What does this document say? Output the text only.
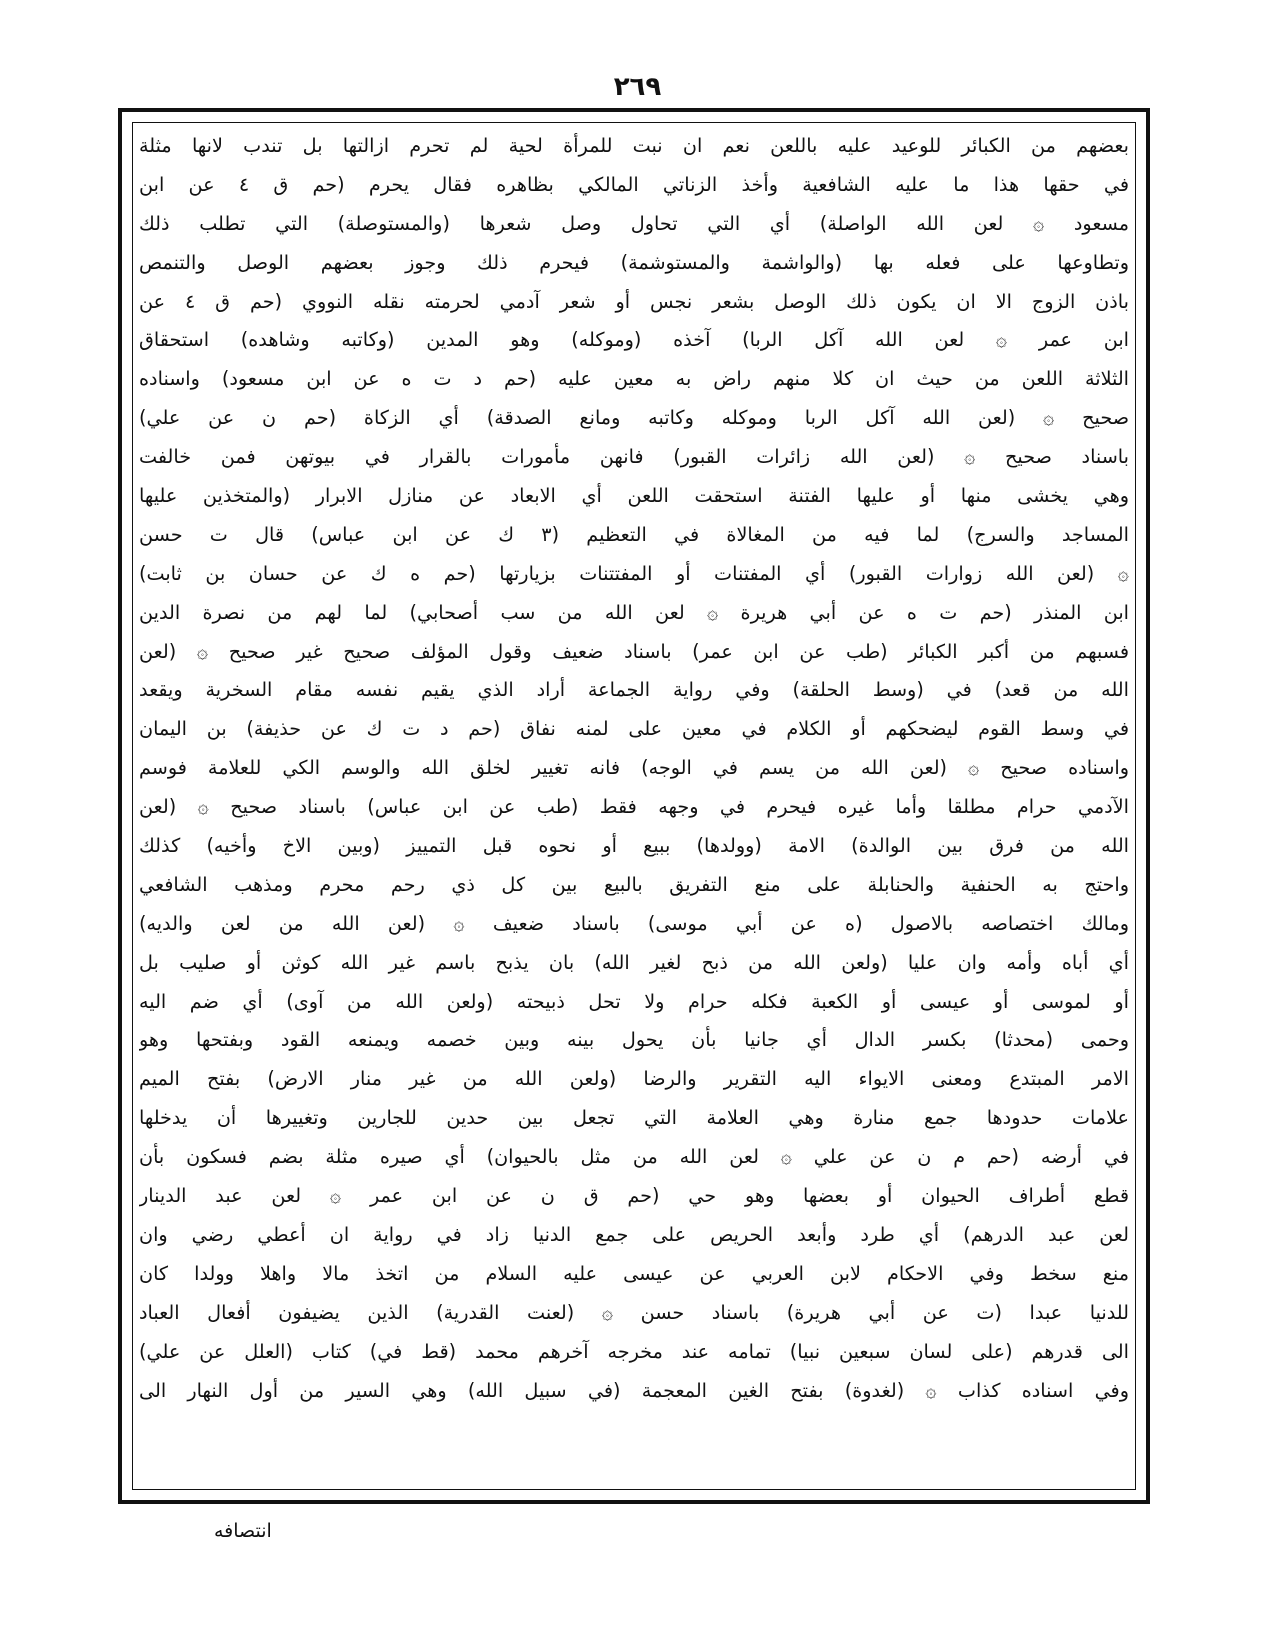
٢٦٩
بعضهم من الكبائر للوعيد عليه باللعن نعم ان نبت للمرأة لحية لم تحرم ازالتها بل تندب لانها مثلة
في حقها هذا ما عليه الشافعية وأخذ الزناتي المالكي بظاهره فقال يحرم (حم ق ٤ عن ابن
مسعود ۞ لعن الله الواصلة) أي التي تحاول وصل شعرها (والمستوصلة) التي تطلب ذلك
وتطاوعها على فعله بها (والواشمة والمستوشمة) فيحرم ذلك وجوز بعضهم الوصل والتنمص
باذن الزوج الا ان يكون ذلك الوصل بشعر نجس أو شعر آدمي لحرمته نقله النووي (حم ق ٤ عن
ابن عمر ۞ لعن الله آكل الربا) آخذه (وموكله) وهو المدين (وكاتبه وشاهده) استحقاق
الثلاثة اللعن من حيث ان كلا منهم راض به معين عليه (حم د ت ه عن ابن مسعود) واسناده
صحيح ۞ (لعن الله آكل الربا وموكله وكاتبه ومانع الصدقة) أي الزكاة (حم ن عن علي)
باسناد صحيح ۞ (لعن الله زائرات القبور) فانهن مأمورات بالقرار في بيوتهن فمن خالفت
وهي يخشى منها أو عليها الفتنة استحقت اللعن أي الابعاد عن منازل الابرار (والمتخذين عليها
المساجد والسرج) لما فيه من المغالاة في التعظيم (٣ ك عن ابن عباس) قال ت حسن
۞ (لعن الله زوارات القبور) أي المفتنات أو المفتتنات بزيارتها (حم ه ك عن حسان بن ثابت)
ابن المنذر (حم ت ه عن أبي هريرة ۞ لعن الله من سب أصحابي) لما لهم من نصرة الدين
فسبهم من أكبر الكبائر (طب عن ابن عمر) باسناد ضعيف وقول المؤلف صحيح غير صحيح ۞ (لعن
الله من قعد) في (وسط الحلقة) وفي رواية الجماعة أراد الذي يقيم نفسه مقام السخرية ويقعد
في وسط القوم ليضحكهم أو الكلام في معين على لمنه نفاق (حم د ت ك عن حذيفة) بن اليمان
واسناده صحيح ۞ (لعن الله من يسم في الوجه) فانه تغيير لخلق الله والوسم الكي للعلامة فوسم
الآدمي حرام مطلقا وأما غيره فيحرم في وجهه فقط (طب عن ابن عباس) باسناد صحيح ۞ (لعن
الله من فرق بين الوالدة) الامة (وولدها) ببيع أو نحوه قبل التمييز (وبين الاخ وأخيه) كذلك
واحتج به الحنفية والحنابلة على منع التفريق بالبيع بين كل ذي رحم محرم ومذهب الشافعي
ومالك اختصاصه بالاصول (ه عن أبي موسى) باسناد ضعيف ۞ (لعن الله من لعن والديه)
أي أباه وأمه وان عليا (ولعن الله من ذبح لغير الله) بان يذبح باسم غير الله كوثن أو صليب بل
أو لموسى أو عيسى أو الكعبة فكله حرام ولا تحل ذبيحته (ولعن الله من آوى) أي ضم اليه
وحمى (محدثا) بكسر الدال أي جانيا بأن يحول بينه وبين خصمه ويمنعه القود وبفتحها وهو
الامر المبتدع ومعنى الايواء اليه التقرير والرضا (ولعن الله من غير منار الارض) بفتح الميم
علامات حدودها جمع منارة وهي العلامة التي تجعل بين حدين للجارين وتغييرها أن يدخلها
في أرضه (حم م ن عن علي ۞ لعن الله من مثل بالحيوان) أي صيره مثلة بضم فسكون بأن
قطع أطراف الحيوان أو بعضها وهو حي (حم ق ن عن ابن عمر ۞ لعن عبد الدينار
لعن عبد الدرهم) أي طرد وأبعد الحريص على جمع الدنيا زاد في رواية ان أعطي رضي وان
منع سخط وفي الاحكام لابن العربي عن عيسى عليه السلام من اتخذ مالا واهلا وولدا كان
للدنيا عبدا (ت عن أبي هريرة) باسناد حسن ۞ (لعنت القدرية) الذين يضيفون أفعال العباد
الى قدرهم (على لسان سبعين نبيا) تمامه عند مخرجه آخرهم محمد (قط في) كتاب (العلل عن علي)
وفي اسناده كذاب ۞ (لغدوة) بفتح الغين المعجمة (في سبيل الله) وهي السير من أول النهار الى
انتصافه
